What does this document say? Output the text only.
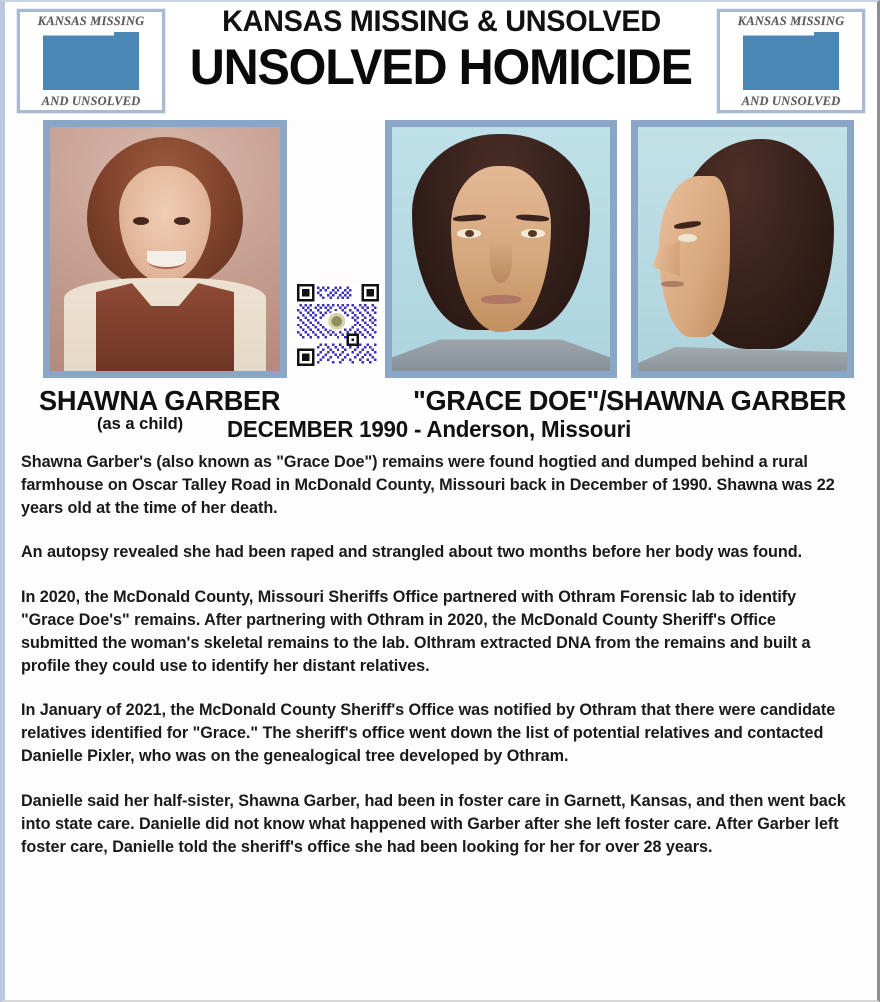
KANSAS MISSING
AND UNSOLVED
KANSAS MISSING & UNSOLVED
UNSOLVED HOMICIDE
KANSAS MISSING
AND UNSOLVED
SHAWNA GARBER
(as a child)
"GRACE DOE"/SHAWNA GARBER
DECEMBER 1990 - Anderson, Missouri

Shawna Garber's (also known as "Grace Doe") remains were found hogtied and dumped behind a rural farmhouse on Oscar Talley Road in McDonald County, Missouri back in December of 1990. Shawna was 22 years old at the time of her death.

An autopsy revealed she had been raped and strangled about two months before her body was found.

In 2020, the McDonald County, Missouri Sheriffs Office partnered with Othram Forensic lab to identify "Grace Doe's" remains. After partnering with Othram in 2020, the McDonald County Sheriff's Office submitted the woman's skeletal remains to the lab. Olthram extracted DNA from the remains and built a profile they could use to identify her distant relatives.

In January of 2021, the McDonald County Sheriff's Office was notified by Othram that there were candidate relatives identified for "Grace." The sheriff's office went down the list of potential relatives and contacted Danielle Pixler, who was on the genealogical tree developed by Othram.

Danielle said her half-sister, Shawna Garber, had been in foster care in Garnett, Kansas, and then went back into state care. Danielle did not know what happened with Garber after she left foster care. After Garber left foster care, Danielle told the sheriff's office she had been looking for her for over 28 years.
